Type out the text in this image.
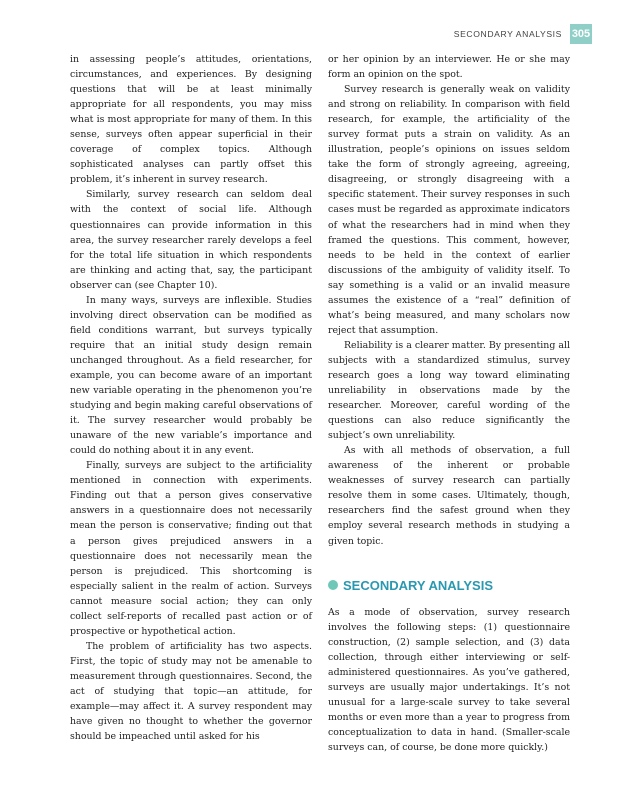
SECONDARY ANALYSIS 305

in assessing people’s attitudes, orientations, circumstances, and experiences. By designing questions that will be at least minimally appropriate for all respondents, you may miss what is most appropriate for many of them. In this sense, surveys often appear superficial in their coverage of complex topics. Although sophisticated analyses can partly offset this problem, it’s inherent in survey research.

Similarly, survey research can seldom deal with the context of social life. Although questionnaires can provide information in this area, the survey researcher rarely develops a feel for the total life situation in which respondents are thinking and acting that, say, the participant observer can (see Chapter 10).

In many ways, surveys are inflexible. Studies involving direct observation can be modified as field conditions warrant, but surveys typically require that an initial study design remain unchanged throughout. As a field researcher, for example, you can become aware of an important new variable operating in the phenomenon you’re studying and begin making careful observations of it. The survey researcher would probably be unaware of the new variable’s importance and could do nothing about it in any event.

Finally, surveys are subject to the artificiality mentioned in connection with experiments. Finding out that a person gives conservative answers in a questionnaire does not necessarily mean the person is conservative; finding out that a person gives prejudiced answers in a questionnaire does not necessarily mean the person is prejudiced. This shortcoming is especially salient in the realm of action. Surveys cannot measure social action; they can only collect self-reports of recalled past action or of prospective or hypothetical action.

The problem of artificiality has two aspects. First, the topic of study may not be amenable to measurement through questionnaires. Second, the act of studying that topic—an attitude, for example—may affect it. A survey respondent may have given no thought to whether the governor should be impeached until asked for his

or her opinion by an interviewer. He or she may form an opinion on the spot.

Survey research is generally weak on validity and strong on reliability. In comparison with field research, for example, the artificiality of the survey format puts a strain on validity. As an illustration, people’s opinions on issues seldom take the form of strongly agreeing, agreeing, disagreeing, or strongly disagreeing with a specific statement. Their survey responses in such cases must be regarded as approximate indicators of what the researchers had in mind when they framed the questions. This comment, however, needs to be held in the context of earlier discussions of the ambiguity of validity itself. To say something is a valid or an invalid measure assumes the existence of a “real” definition of what’s being measured, and many scholars now reject that assumption.

Reliability is a clearer matter. By presenting all subjects with a standardized stimulus, survey research goes a long way toward eliminating unreliability in observations made by the researcher. Moreover, careful wording of the questions can also reduce significantly the subject’s own unreliability.

As with all methods of observation, a full awareness of the inherent or probable weaknesses of survey research can partially resolve them in some cases. Ultimately, though, researchers find the safest ground when they employ several research methods in studying a given topic.

SECONDARY ANALYSIS

As a mode of observation, survey research involves the following steps: (1) questionnaire construction, (2) sample selection, and (3) data collection, through either interviewing or self-administered questionnaires. As you’ve gathered, surveys are usually major undertakings. It’s not unusual for a large-scale survey to take several months or even more than a year to progress from conceptualization to data in hand. (Smaller-scale surveys can, of course, be done more quickly.)
